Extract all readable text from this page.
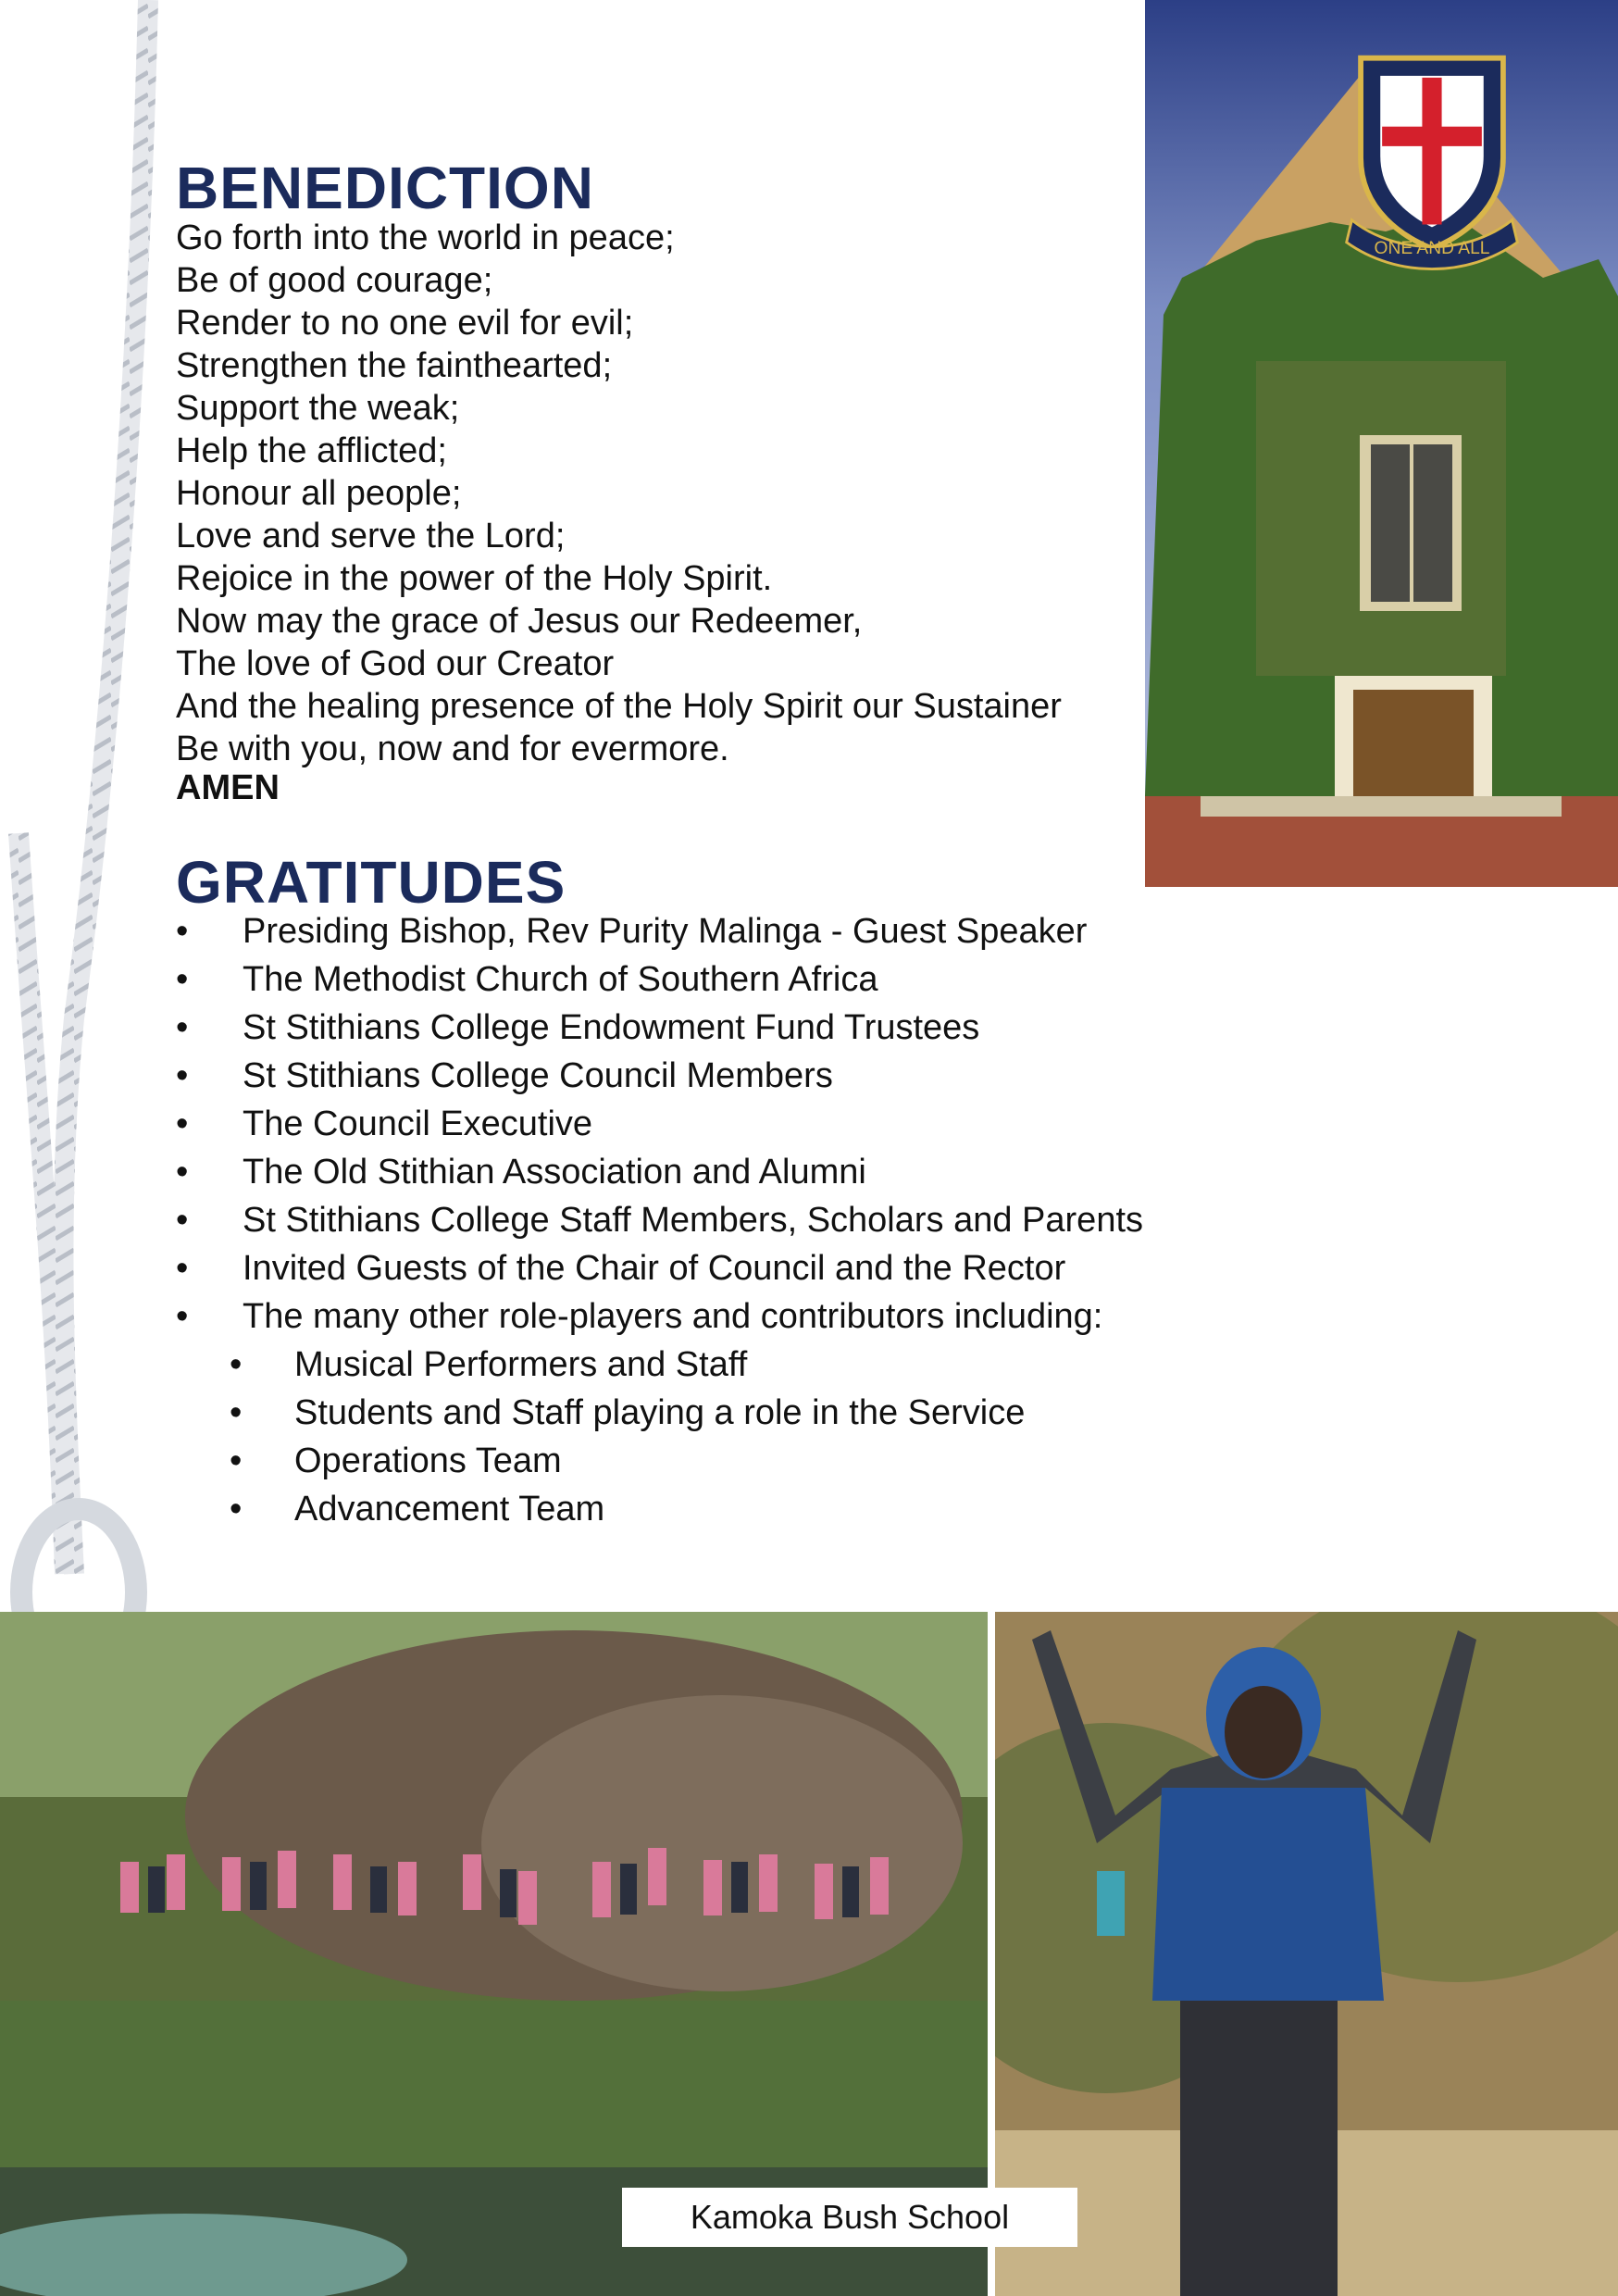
BENEDICTION
Go forth into the world in peace;
Be of good courage;
Render to no one evil for evil;
Strengthen the fainthearted;
Support the weak;
Help the afflicted;
Honour all people;
Love and serve the Lord;
Rejoice in the power of the Holy Spirit.
Now may the grace of Jesus our Redeemer,
The love of God our Creator
And the healing presence of the Holy Spirit our Sustainer
Be with you, now and for evermore.
AMEN
GRATITUDES
• Presiding Bishop, Rev Purity Malinga - Guest Speaker
• The Methodist Church of Southern Africa
• St Stithians College Endowment Fund Trustees
• St Stithians College Council Members
• The Council Executive
• The Old Stithian Association and Alumni
• St Stithians College Staff Members, Scholars and Parents
• Invited Guests of the Chair of Council and the Rector
• The many other role-players and contributors including:
• Musical Performers and Staff
• Students and Staff playing a role in the Service
• Operations Team
• Advancement Team
ONE AND ALL
Kamoka Bush School
